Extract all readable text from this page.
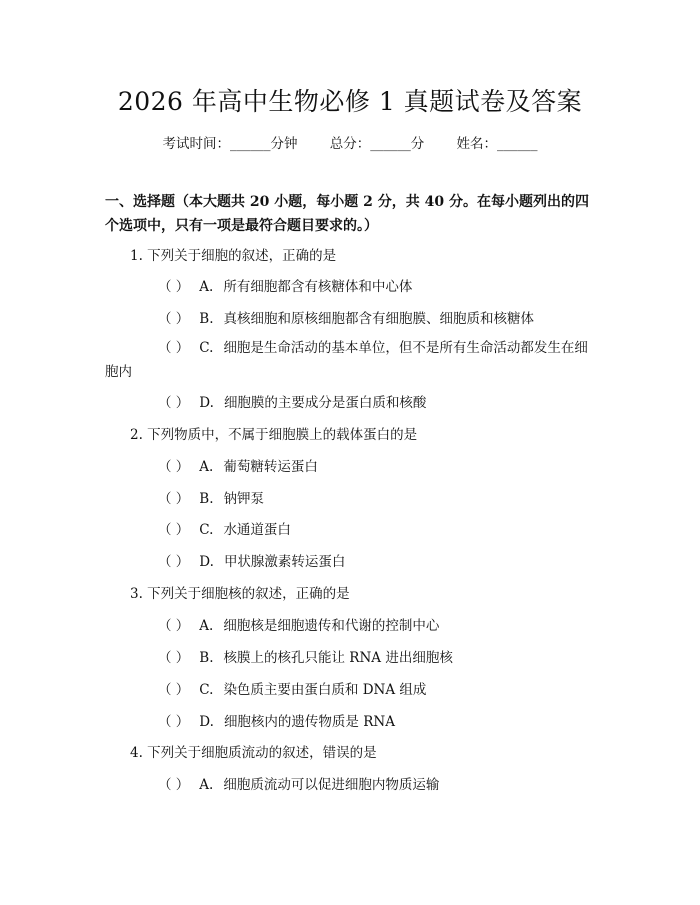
2026 年高中生物必修 1 真题试卷及答案
考试时间：______分钟 总分：______分 姓名：______
一、选择题（本大题共 20 小题，每小题 2 分，共 40 分。在每小题列出的四个选项中，只有一项是最符合题目要求的。）
1. 下列关于细胞的叙述，正确的是
（ ） A. 所有细胞都含有核糖体和中心体
（ ） B. 真核细胞和原核细胞都含有细胞膜、细胞质和核糖体
（ ） C. 细胞是生命活动的基本单位，但不是所有生命活动都发生在细胞内
（ ） D. 细胞膜的主要成分是蛋白质和核酸
2. 下列物质中，不属于细胞膜上的载体蛋白的是
（ ） A. 葡萄糖转运蛋白
（ ） B. 钠钾泵
（ ） C. 水通道蛋白
（ ） D. 甲状腺激素转运蛋白
3. 下列关于细胞核的叙述，正确的是
（ ） A. 细胞核是细胞遗传和代谢的控制中心
（ ） B. 核膜上的核孔只能让 RNA 进出细胞核
（ ） C. 染色质主要由蛋白质和 DNA 组成
（ ） D. 细胞核内的遗传物质是 RNA
4. 下列关于细胞质流动的叙述，错误的是
（ ） A. 细胞质流动可以促进细胞内物质运输
